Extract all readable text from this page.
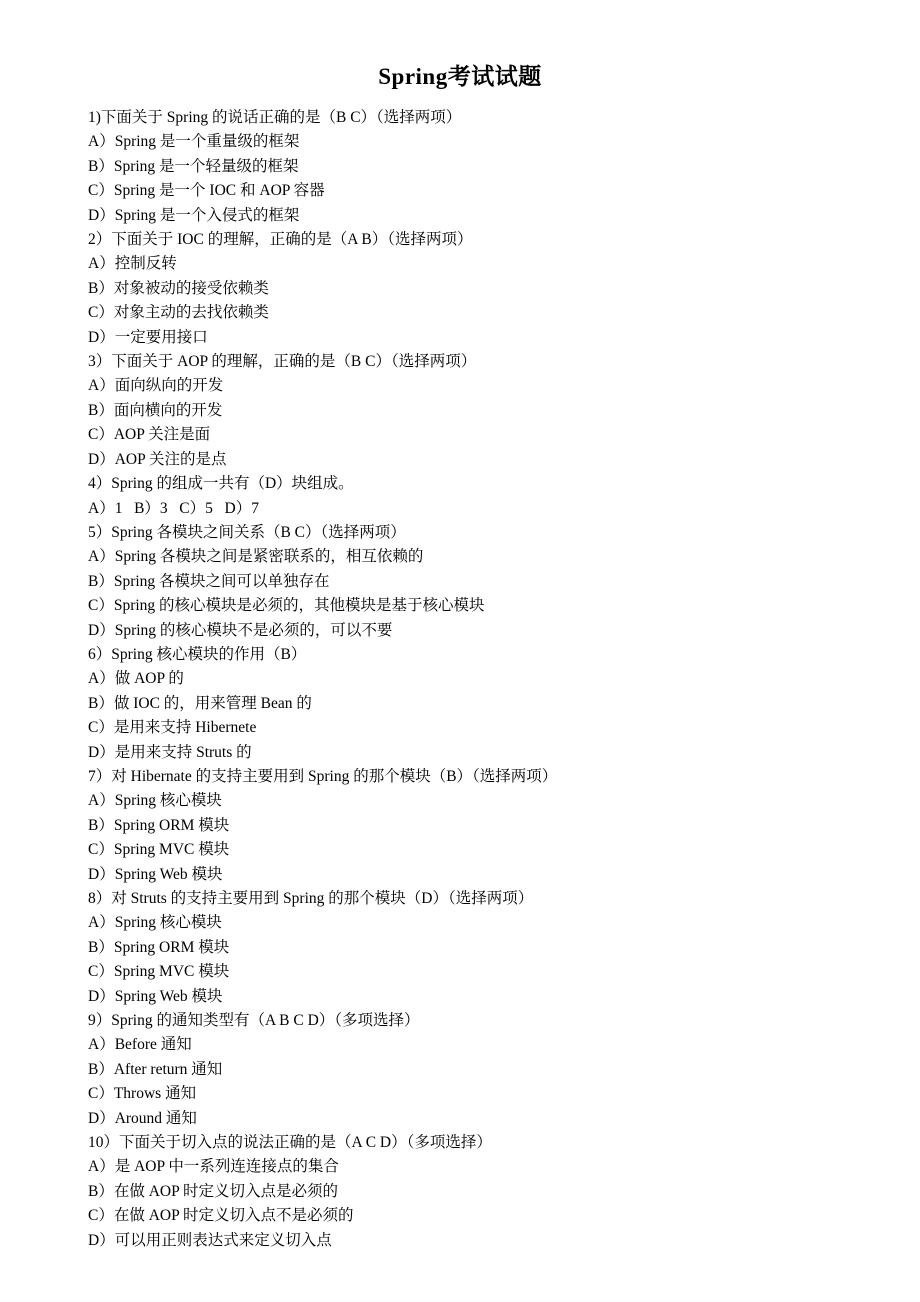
Spring考试试题
1)下面关于 Spring 的说话正确的是（B C）（选择两项）
A）Spring 是一个重量级的框架
B）Spring 是一个轻量级的框架
C）Spring 是一个 IOC 和 AOP 容器
D）Spring 是一个入侵式的框架
2）下面关于 IOC 的理解，正确的是（A B）（选择两项）
A）控制反转
B）对象被动的接受依赖类
C）对象主动的去找依赖类
D）一定要用接口
3）下面关于 AOP 的理解，正确的是（B C）（选择两项）
A）面向纵向的开发
B）面向横向的开发
C）AOP 关注是面
D）AOP 关注的是点
4）Spring 的组成一共有（D）块组成。
A）1   B）3   C）5   D）7
5）Spring 各模块之间关系（B C）（选择两项）
A）Spring 各模块之间是紧密联系的，相互依赖的
B）Spring 各模块之间可以单独存在
C）Spring 的核心模块是必须的，其他模块是基于核心模块
D）Spring 的核心模块不是必须的，可以不要
6）Spring 核心模块的作用（B）
A）做 AOP 的
B）做 IOC 的，用来管理 Bean 的
C）是用来支持 Hibernete
D）是用来支持 Struts 的
7）对 Hibernate 的支持主要用到 Spring 的那个模块（B）（选择两项）
A）Spring 核心模块
B）Spring ORM 模块
C）Spring MVC 模块
D）Spring Web 模块
8）对 Struts 的支持主要用到 Spring 的那个模块（D）（选择两项）
A）Spring 核心模块
B）Spring ORM 模块
C）Spring MVC 模块
D）Spring Web 模块
9）Spring 的通知类型有（A B C D）（多项选择）
A）Before 通知
B）After return 通知
C）Throws 通知
D）Around 通知
10）下面关于切入点的说法正确的是（A C D）（多项选择）
A）是 AOP 中一系列连连接点的集合
B）在做 AOP 时定义切入点是必须的
C）在做 AOP 时定义切入点不是必须的
D）可以用正则表达式来定义切入点
